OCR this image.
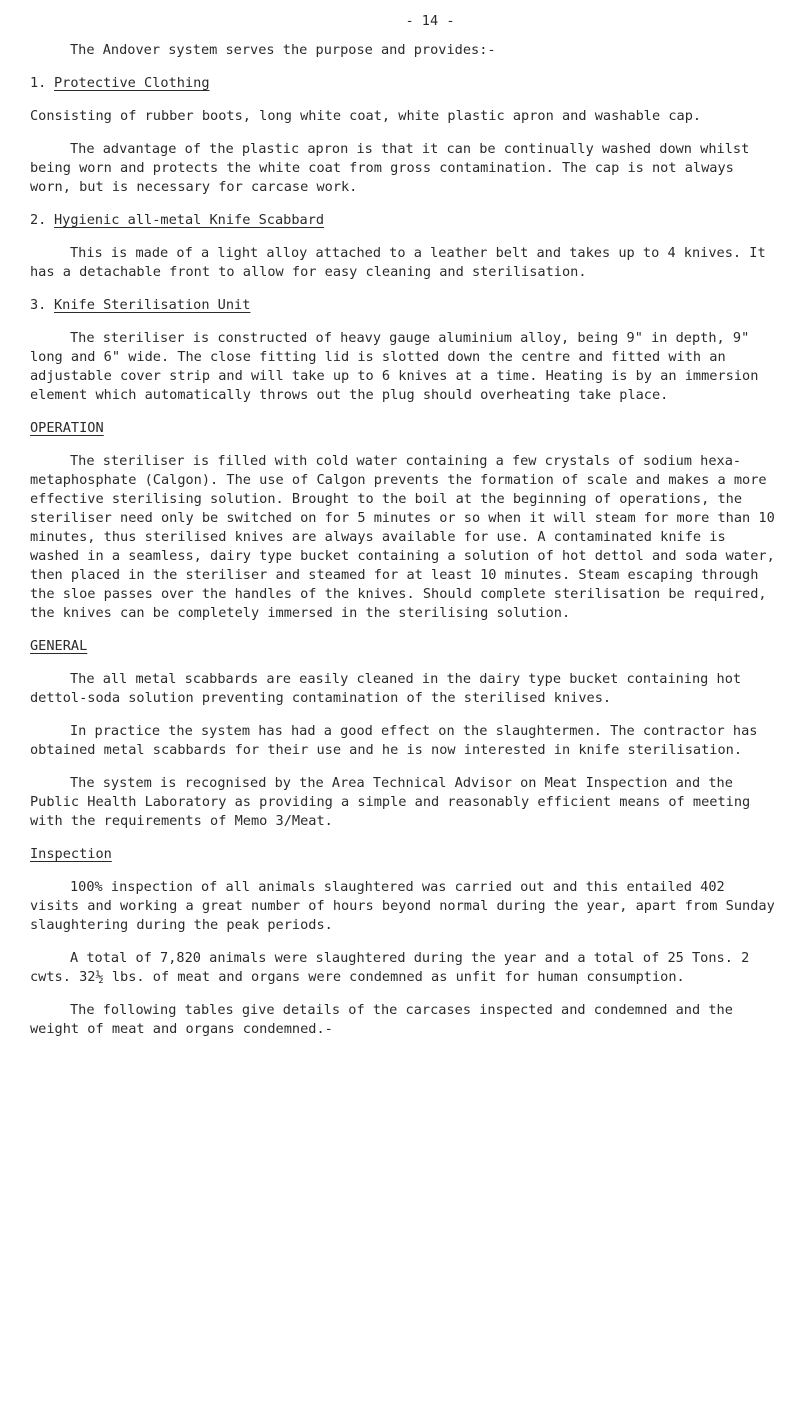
- 14 -

The Andover system serves the purpose and provides:-

1. Protective Clothing

Consisting of rubber boots, long white coat, white plastic apron and washable cap.

The advantage of the plastic apron is that it can be continually washed down whilst being worn and protects the white coat from gross contamination. The cap is not always worn, but is necessary for carcase work.

2. Hygienic all-metal Knife Scabbard

This is made of a light alloy attached to a leather belt and takes up to 4 knives. It has a detachable front to allow for easy cleaning and sterilisation.

3. Knife Sterilisation Unit

The steriliser is constructed of heavy gauge aluminium alloy, being 9" in depth, 9" long and 6" wide. The close fitting lid is slotted down the centre and fitted with an adjustable cover strip and will take up to 6 knives at a time. Heating is by an immersion element which automatically throws out the plug should overheating take place.

OPERATION

The steriliser is filled with cold water containing a few crystals of sodium hexa-metaphosphate (Calgon). The use of Calgon prevents the formation of scale and makes a more effective sterilising solution. Brought to the boil at the beginning of operations, the steriliser need only be switched on for 5 minutes or so when it will steam for more than 10 minutes, thus sterilised knives are always available for use. A contaminated knife is washed in a seamless, dairy type bucket containing a solution of hot dettol and soda water, then placed in the steriliser and steamed for at least 10 minutes. Steam escaping through the sloe passes over the handles of the knives. Should complete sterilisation be required, the knives can be completely immersed in the sterilising solution.

GENERAL

The all metal scabbards are easily cleaned in the dairy type bucket containing hot dettol-soda solution preventing contamination of the sterilised knives.

In practice the system has had a good effect on the slaughtermen. The contractor has obtained metal scabbards for their use and he is now interested in knife sterilisation.

The system is recognised by the Area Technical Advisor on Meat Inspection and the Public Health Laboratory as providing a simple and reasonably efficient means of meeting with the requirements of Memo 3/Meat.

Inspection

100% inspection of all animals slaughtered was carried out and this entailed 402 visits and working a great number of hours beyond normal during the year, apart from Sunday slaughtering during the peak periods.

A total of 7,820 animals were slaughtered during the year and a total of 25 Tons. 2 cwts. 32½ lbs. of meat and organs were condemned as unfit for human consumption.

The following tables give details of the carcases inspected and condemned and the weight of meat and organs condemned.-
